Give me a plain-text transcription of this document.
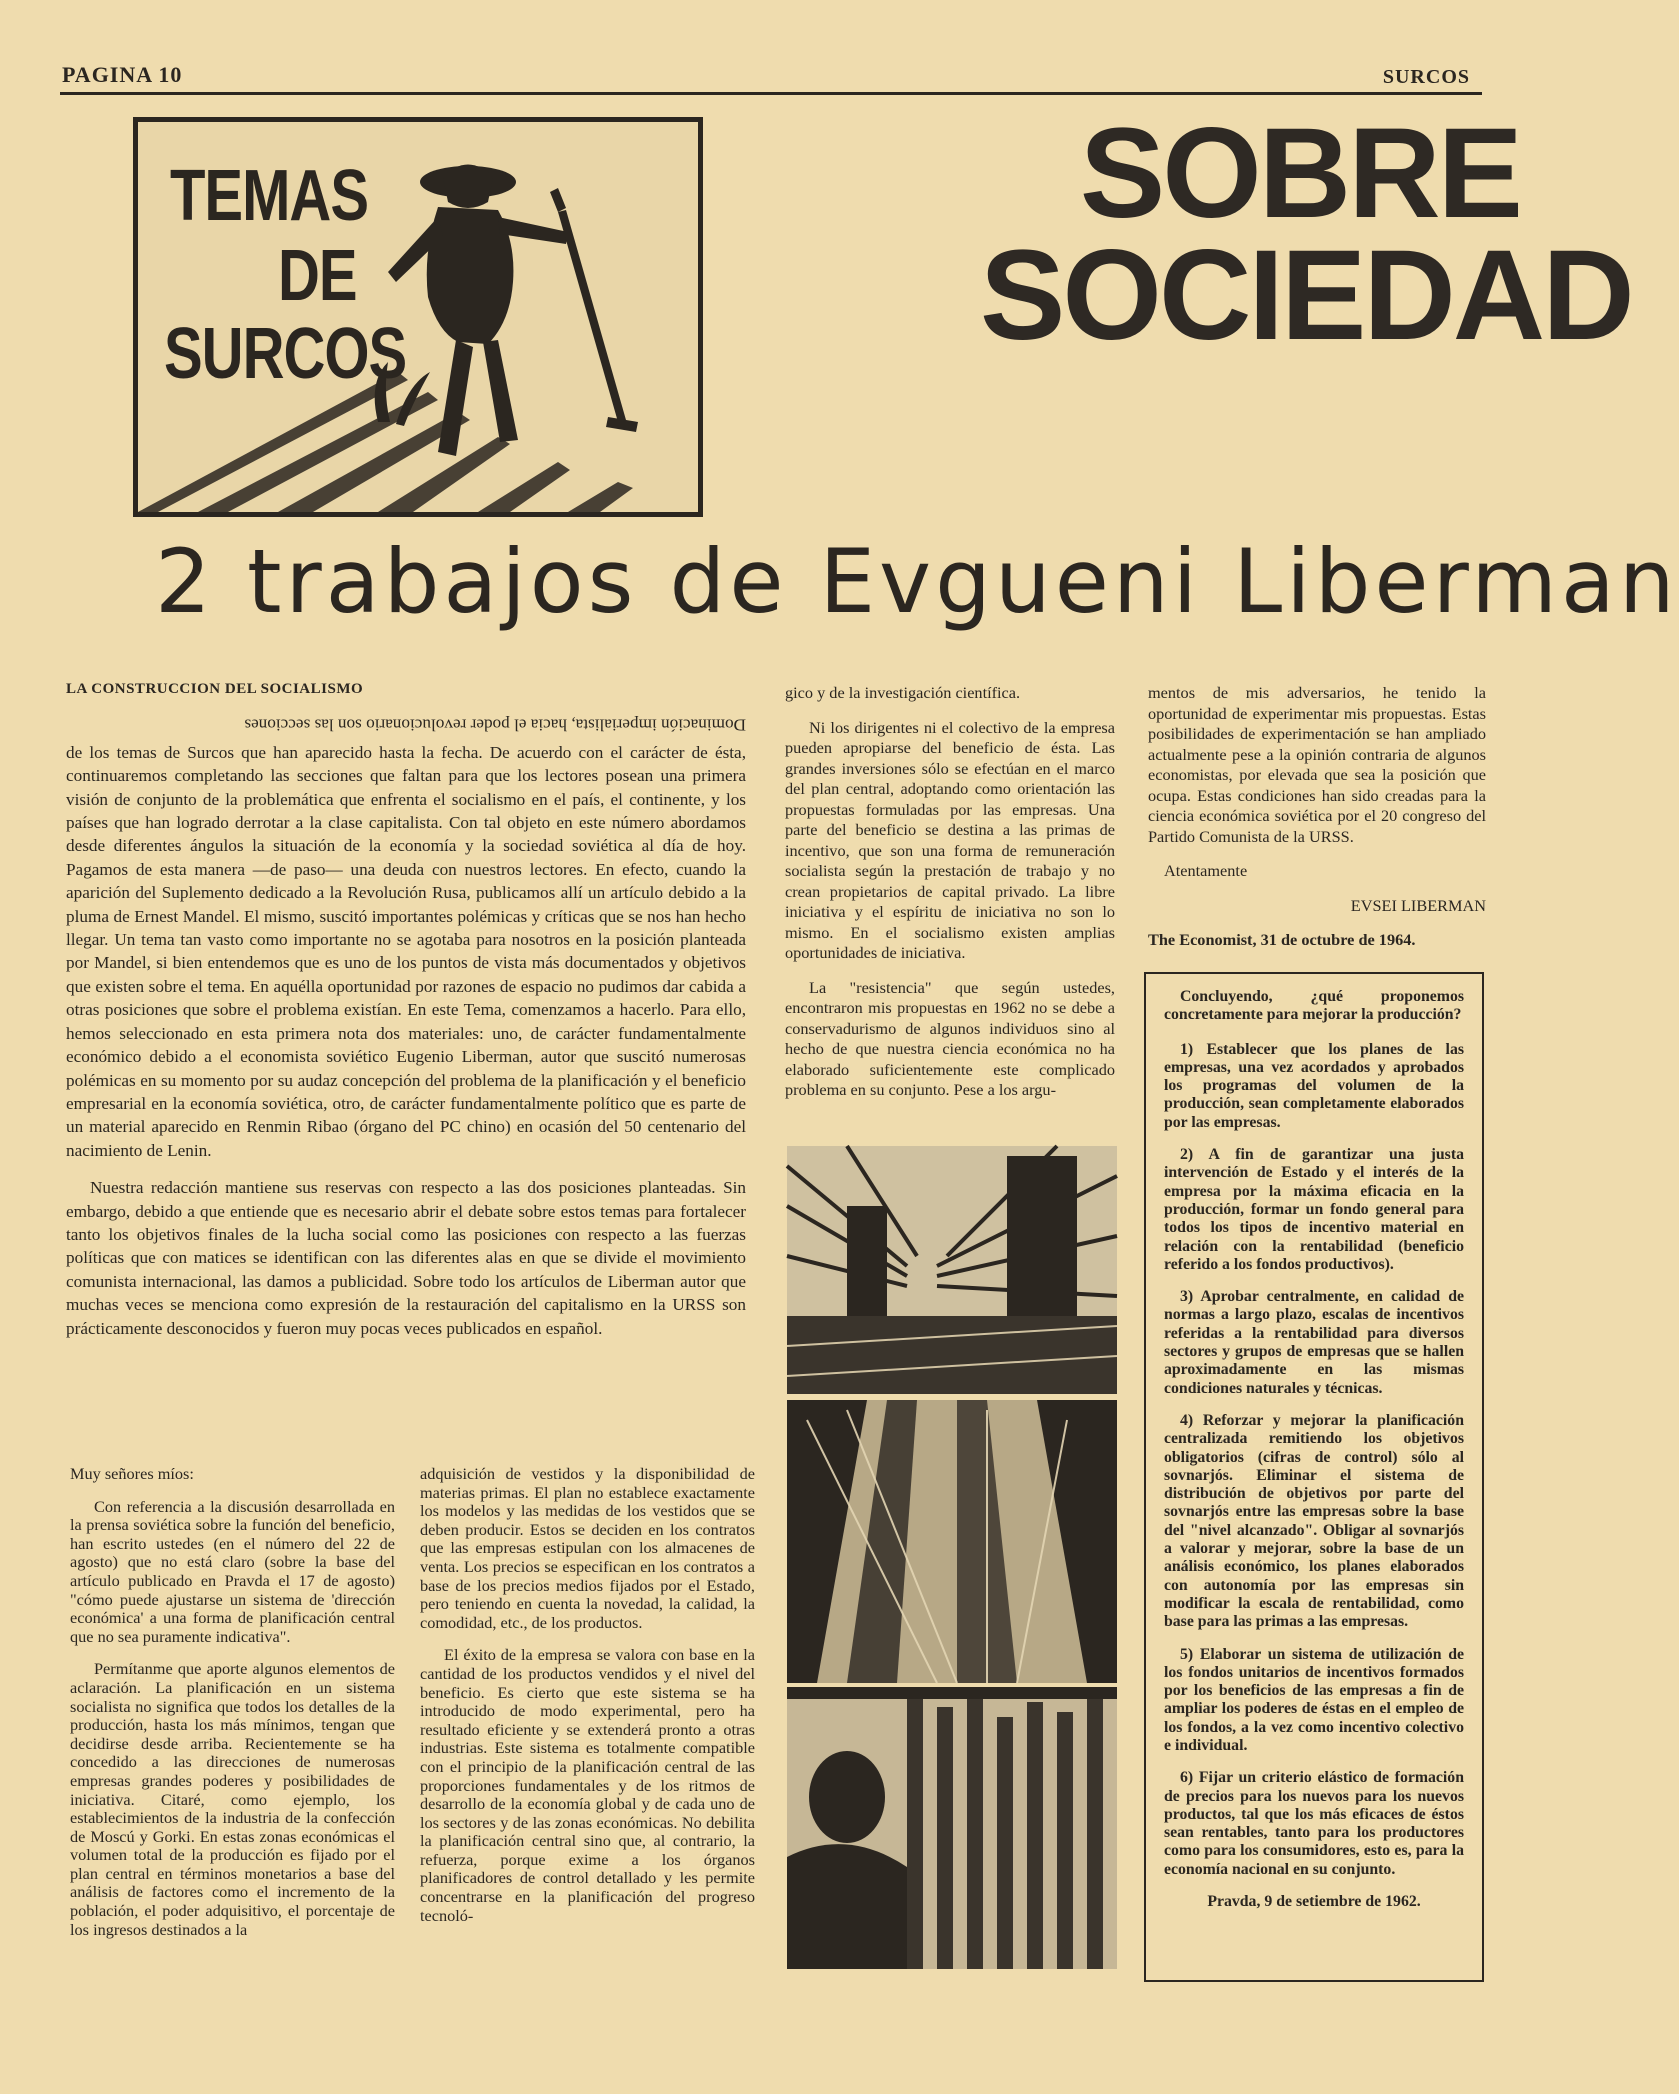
PAGINA 10	SURCOS
TEMAS
DE
SURCOS
SOBRE
SOCIEDAD
2 trabajos de Evgueni Liberman
LA CONSTRUCCION DEL SOCIALISMO

Dominación imperialista, hacia el poder revolucionario son las secciones

de los temas de Surcos que han aparecido hasta la fecha. De acuerdo con el carácter de ésta, continuaremos completando las secciones que faltan para que los lectores posean una primera visión de conjunto de la problemática que enfrenta el socialismo en el país, el continente, y los países que han logrado derrotar a la clase capitalista. Con tal objeto en este número abordamos desde diferentes ángulos la situación de la economía y la sociedad soviética al día de hoy. Pagamos de esta manera —de paso— una deuda con nuestros lectores. En efecto, cuando la aparición del Suplemento dedicado a la Revolución Rusa, publicamos allí un artículo debido a la pluma de Ernest Mandel. El mismo, suscitó importantes polémicas y críticas que se nos han hecho llegar. Un tema tan vasto como importante no se agotaba para nosotros en la posición planteada por Mandel, si bien entendemos que es uno de los puntos de vista más documentados y objetivos que existen sobre el tema. En aquélla oportunidad por razones de espacio no pudimos dar cabida a otras posiciones que sobre el problema existían. En este Tema, comenzamos a hacerlo. Para ello, hemos seleccionado en esta primera nota dos materiales: uno, de carácter fundamentalmente económico debido a el economista soviético Eugenio Liberman, autor que suscitó numerosas polémicas en su momento por su audaz concepción del problema de la planificación y el beneficio empresarial en la economía soviética, otro, de carácter fundamentalmente político que es parte de un material aparecido en Renmin Ribao (órgano del PC chino) en ocasión del 50 centenario del nacimiento de Lenin.

Nuestra redacción mantiene sus reservas con respecto a las dos posiciones planteadas. Sin embargo, debido a que entiende que es necesario abrir el debate sobre estos temas para fortalecer tanto los objetivos finales de la lucha social como las posiciones con respecto a las fuerzas políticas que con matices se identifican con las diferentes alas en que se divide el movimiento comunista internacional, las damos a publicidad. Sobre todo los artículos de Liberman autor que muchas veces se menciona como expresión de la restauración del capitalismo en la URSS son prácticamente desconocidos y fueron muy pocas veces publicados en español.

Muy señores míos:

Con referencia a la discusión desarrollada en la prensa soviética sobre la función del beneficio, han escrito ustedes (en el número del 22 de agosto) que no está claro (sobre la base del artículo publicado en Pravda el 17 de agosto) "cómo puede ajustarse un sistema de 'dirección económica' a una forma de planificación central que no sea puramente indicativa".

Permítanme que aporte algunos elementos de aclaración. La planificación en un sistema socialista no significa que todos los detalles de la producción, hasta los más mínimos, tengan que decidirse desde arriba. Recientemente se ha concedido a las direcciones de numerosas empresas grandes poderes y posibilidades de iniciativa. Citaré, como ejemplo, los establecimientos de la industria de la confección de Moscú y Gorki. En estas zonas económicas el volumen total de la producción es fijado por el plan central en términos monetarios a base del análisis de factores como el incremento de la población, el poder adquisitivo, el porcentaje de los ingresos destinados a la

adquisición de vestidos y la disponibilidad de materias primas. El plan no establece exactamente los modelos y las medidas de los vestidos que se deben producir. Estos se deciden en los contratos que las empresas estipulan con los almacenes de venta. Los precios se especifican en los contratos a base de los precios medios fijados por el Estado, pero teniendo en cuenta la novedad, la calidad, la comodidad, etc., de los productos.

El éxito de la empresa se valora con base en la cantidad de los productos vendidos y el nivel del beneficio. Es cierto que este sistema se ha introducido de modo experimental, pero ha resultado eficiente y se extenderá pronto a otras industrias. Este sistema es totalmente compatible con el principio de la planificación central de las proporciones fundamentales y de los ritmos de desarrollo de la economía global y de cada uno de los sectores y de las zonas económicas. No debilita la planificación central sino que, al contrario, la refuerza, porque exime a los órganos planificadores de control detallado y les permite concentrarse en la planificación del progreso tecnoló-

gico y de la investigación científica.

Ni los dirigentes ni el colectivo de la empresa pueden apropiarse del beneficio de ésta. Las grandes inversiones sólo se efectúan en el marco del plan central, adoptando como orientación las propuestas formuladas por las empresas. Una parte del beneficio se destina a las primas de incentivo, que son una forma de remuneración socialista según la prestación de trabajo y no crean propietarios de capital privado. La libre iniciativa y el espíritu de iniciativa no son lo mismo. En el socialismo existen amplias oportunidades de iniciativa.

La "resistencia" que según ustedes, encontraron mis propuestas en 1962 no se debe a conservadurismo de algunos individuos sino al hecho de que nuestra ciencia económica no ha elaborado suficientemente este complicado problema en su conjunto. Pese a los argu-

mentos de mis adversarios, he tenido la oportunidad de experimentar mis propuestas. Estas posibilidades de experimentación se han ampliado actualmente pese a la opinión contraria de algunos economistas, por elevada que sea la posición que ocupa. Estas condiciones han sido creadas para la ciencia económica soviética por el 20 congreso del Partido Comunista de la URSS.

Atentamente

EVSEI LIBERMAN

The Economist, 31 de octubre de 1964.

Concluyendo, ¿qué proponemos concretamente para mejorar la producción?

1) Establecer que los planes de las empresas, una vez acordados y aprobados los programas del volumen de la producción, sean completamente elaborados por las empresas.

2) A fin de garantizar una justa intervención de Estado y el interés de la empresa por la máxima eficacia en la producción, formar un fondo general para todos los tipos de incentivo material en relación con la rentabilidad (beneficio referido a los fondos productivos).

3) Aprobar centralmente, en calidad de normas a largo plazo, escalas de incentivos referidas a la rentabilidad para diversos sectores y grupos de empresas que se hallen aproximadamente en las mismas condiciones naturales y técnicas.

4) Reforzar y mejorar la planificación centralizada remitiendo los objetivos obligatorios (cifras de control) sólo al sovnarjós. Eliminar el sistema de distribución de objetivos por parte del sovnarjós entre las empresas sobre la base del "nivel alcanzado". Obligar al sovnarjós a valorar y mejorar, sobre la base de un análisis económico, los planes elaborados con autonomía por las empresas sin modificar la escala de rentabilidad, como base para las primas a las empresas.

5) Elaborar un sistema de utilización de los fondos unitarios de incentivos formados por los beneficios de las empresas a fin de ampliar los poderes de éstas en el empleo de los fondos, a la vez como incentivo colectivo e individual.

6) Fijar un criterio elástico de formación de precios para los nuevos para los nuevos productos, tal que los más eficaces de éstos sean rentables, tanto para los productores como para los consumidores, esto es, para la economía nacional en su conjunto.

Pravda, 9 de setiembre de 1962.
